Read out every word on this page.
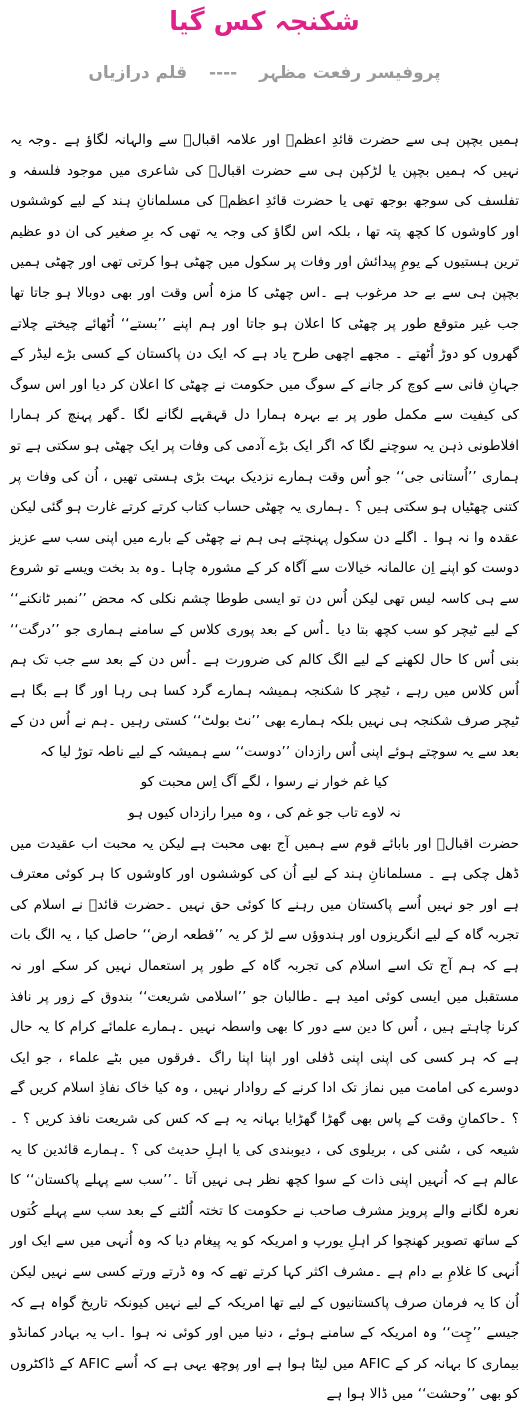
شکنجہ کس گیا
پروفیسر رفعت مظہر ---- قلم درازیاں

ہمیں بچپن ہی سے حضرت قائدِ اعظمؒ اور علامہ اقبالؒ سے والہانہ لگاؤ ہے ۔وجہ یہ نہیں کہ ہمیں بچپن یا لڑکپن ہی سے حضرت اقبالؒ کی شاعری میں موجود فلسفہ و تفلسف کی سوجھ بوجھ تھی یا حضرت قائدِ اعظمؒ کی مسلمانانِ ہند کے لیے کوششوں اور کاوشوں کا کچھ پتہ تھا ، بلکہ اس لگاؤ کی وجہ یہ تھی کہ برِ صغیر کی ان دو عظیم ترین ہستیوں کے یومِ پیدائش اور وفات پر سکول میں چھٹی ہوا کرتی تھی اور چھٹی ہمیں بچپن ہی سے بے حد مرغوب ہے ۔اس چھٹی کا مزہ اُس وقت اور بھی دوبالا ہو جاتا تھا جب غیر متوقع طور پر چھٹی کا اعلان ہو جاتا اور ہم اپنے ’’بستے‘‘ اُٹھائے چیختے چلاتے گھروں کو دوڑ اُٹھتے ۔ مجھے اچھی طرح یاد ہے کہ ایک دن پاکستان کے کسی بڑے لیڈر کے جہانِ فانی سے کوچ کر جانے کے سوگ میں حکومت نے چھٹی کا اعلان کر دیا اور اس سوگ کی کیفیت سے مکمل طور پر بے بہرہ ہمارا دل قہقہے لگانے لگا ۔گھر پہنچ کر ہمارا افلاطونی ذہن یہ سوچنے لگا کہ اگر ایک بڑے آدمی کی وفات پر ایک چھٹی ہو سکتی ہے تو ہماری ’’اُستانی جی‘‘ جو اُس وقت ہمارے نزدیک بہت بڑی ہستی تھیں ، اُن کی وفات پر کتنی چھٹیاں ہو سکتی ہیں ؟ ۔ہماری یہ چھٹی حساب کتاب کرتے کرتے غارت ہو گئی لیکن عقدہ وا نہ ہوا ۔ اگلے دن سکول پہنچتے ہی ہم نے چھٹی کے بارے میں اپنی سب سے عزیز دوست کو اپنے اِن عالمانہ خیالات سے آگاہ کر کے مشورہ چاہا ۔وہ بد بخت ویسے تو شروع سے ہی کاسہ لیس تھی لیکن اُس دن تو ایسی طوطا چشم نکلی کہ محض ’’نمبر ٹانکنے‘‘ کے لیے ٹیچر کو سب کچھ بتا دیا ۔اُس کے بعد پوری کلاس کے سامنے ہماری جو ’’درگت‘‘ بنی اُس کا حال لکھنے کے لیے الگ کالم کی ضرورت ہے ۔اُس دن کے بعد سے جب تک ہم اُس کلاس میں رہے ، ٹیچر کا شکنجہ ہمیشہ ہمارے گرد کسا ہی رہا اور گا ہے بگا ہے ٹیچر صرف شکنجہ ہی نہیں بلکہ ہمارے بھی ’’نٹ بولٹ‘‘ کستی رہیں ۔ہم نے اُس دن کے بعد سے یہ سوچتے ہوئے اپنی اُس رازدان ’’دوست‘‘ سے ہمیشہ کے لیے ناطہ توڑ لیا کہ

کیا غم خوار نے رسوا ، لگے آگ اِس محبت کو
نہ لاوے تاب جو غم کی ، وہ میرا رازداں کیوں ہو

حضرت اقبالؒ اور بابائے قوم سے ہمیں آج بھی محبت ہے لیکن یہ محبت اب عقیدت میں ڈھل چکی ہے ۔ مسلمانانِ ہند کے لیے اُن کی کوششوں اور کاوشوں کا ہر کوئی معترف ہے اور جو نہیں اُسے پاکستان میں رہنے کا کوئی حق نہیں ۔حضرت قائدؒ نے اسلام کی تجربہ گاہ کے لیے انگریزوں اور ہندوؤں سے لڑ کر یہ ’’قطعہ ارض‘‘ حاصل کیا ، یہ الگ بات ہے کہ ہم آج تک اسے اسلام کی تجربہ گاہ کے طور پر استعمال نہیں کر سکے اور نہ مستقبل میں ایسی کوئی امید ہے ۔طالبان جو ’’اسلامی شریعت‘‘ بندوق کے زور پر نافذ کرنا چاہتے ہیں ، اُس کا دین سے دور کا بھی واسطہ نہیں ۔ہمارے علمائے کرام کا یہ حال ہے کہ ہر کسی کی اپنی اپنی ڈفلی اور اپنا اپنا راگ ۔فرقوں میں بٹے علماء ، جو ایک دوسرے کی امامت میں نماز تک ادا کرنے کے روادار نہیں ، وہ کیا خاک نفاذِ اسلام کریں گے ؟ ۔حاکمانِ وقت کے پاس بھی گھڑا گھڑایا بہانہ یہ ہے کہ کس کی شریعت نافذ کریں ؟ ۔شیعہ کی ، سُنی کی ، بریلوی کی ، دیوبندی کی یا اہلِ حدیث کی ؟ ۔ہمارے قائدین کا یہ عالم ہے کہ اُنہیں اپنی ذات کے سوا کچھ نظر ہی نہیں آتا ۔’’سب سے پہلے پاکستان‘‘ کا نعرہ لگانے والے پرویز مشرف صاحب نے حکومت کا تختہ اُلٹنے کے بعد سب سے پہلے کُتوں کے ساتھ تصویر کھنچوا کر اہلِ یورپ و امریکہ کو یہ پیغام دیا کہ وہ اُنہی میں سے ایک اور اُنہی کا غلامِ بے دام ہے ۔مشرف اکثر کہا کرتے تھے کہ وہ ڈرتے ورتے کسی سے نہیں لیکن اُن کا یہ فرمان صرف پاکستانیوں کے لیے تھا امریکہ کے لیے نہیں کیونکہ تاریخ گواہ ہے کہ جیسے ’’چِت‘‘ وہ امریکہ کے سامنے ہوئے ، دنیا میں اور کوئی نہ ہوا ۔اب یہ بہادر کمانڈو بیماری کا بہانہ کر کے AFIC میں لیٹا ہوا ہے اور پوچھ یہی ہے کہ اُسے AFIC کے ڈاکٹروں کو بھی ’’وحشت‘‘ میں ڈالا ہوا ہے
